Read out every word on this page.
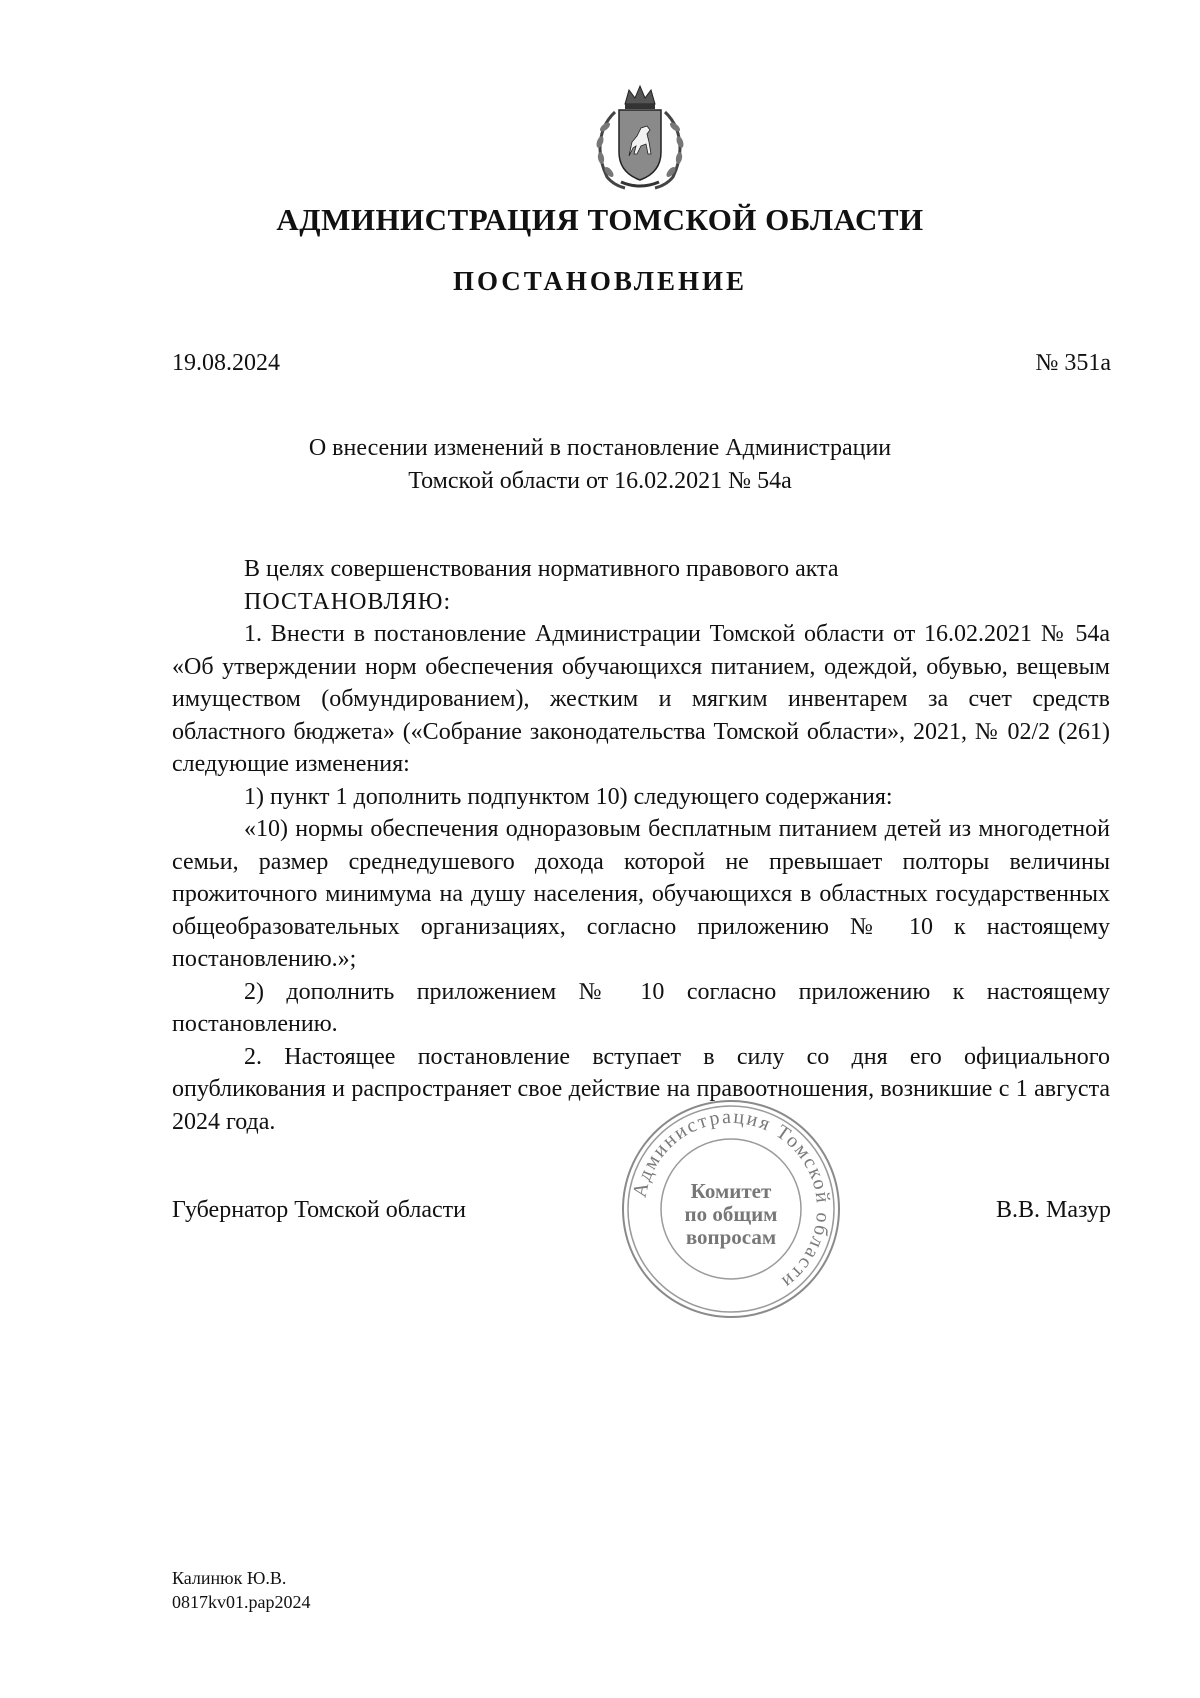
АДМИНИСТРАЦИЯ ТОМСКОЙ ОБЛАСТИ
ПОСТАНОВЛЕНИЕ
19.08.2024	№ 351а
О внесении изменений в постановление Администрации
Томской области от 16.02.2021 № 54а

В целях совершенствования нормативного правового акта

ПОСТАНОВЛЯЮ:

1. Внести в постановление Администрации Томской области от 16.02.2021 № 54а «Об утверждении норм обеспечения обучающихся питанием, одеждой, обувью, вещевым имуществом (обмундированием), жестким и мягким инвентарем за счет средств областного бюджета» («Собрание законодательства Томской области», 2021, № 02/2 (261) следующие изменения:

1) пункт 1 дополнить подпунктом 10) следующего содержания:

«10) нормы обеспечения одноразовым бесплатным питанием детей из многодетной семьи, размер среднедушевого дохода которой не превышает полторы величины прожиточного минимума на душу населения, обучающихся в областных государственных общеобразовательных организациях, согласно приложению № 10 к настоящему постановлению.»;

2) дополнить приложением № 10 согласно приложению к настоящему постановлению.

2. Настоящее постановление вступает в силу со дня его официального опубликования и распространяет свое действие на правоотношения, возникшие с 1 августа 2024 года.

Губернатор Томской области	В.В. Мазур
Администрация Томской области
Комитет
по общим
вопросам
Калинюк Ю.В.
0817kv01.pap2024
